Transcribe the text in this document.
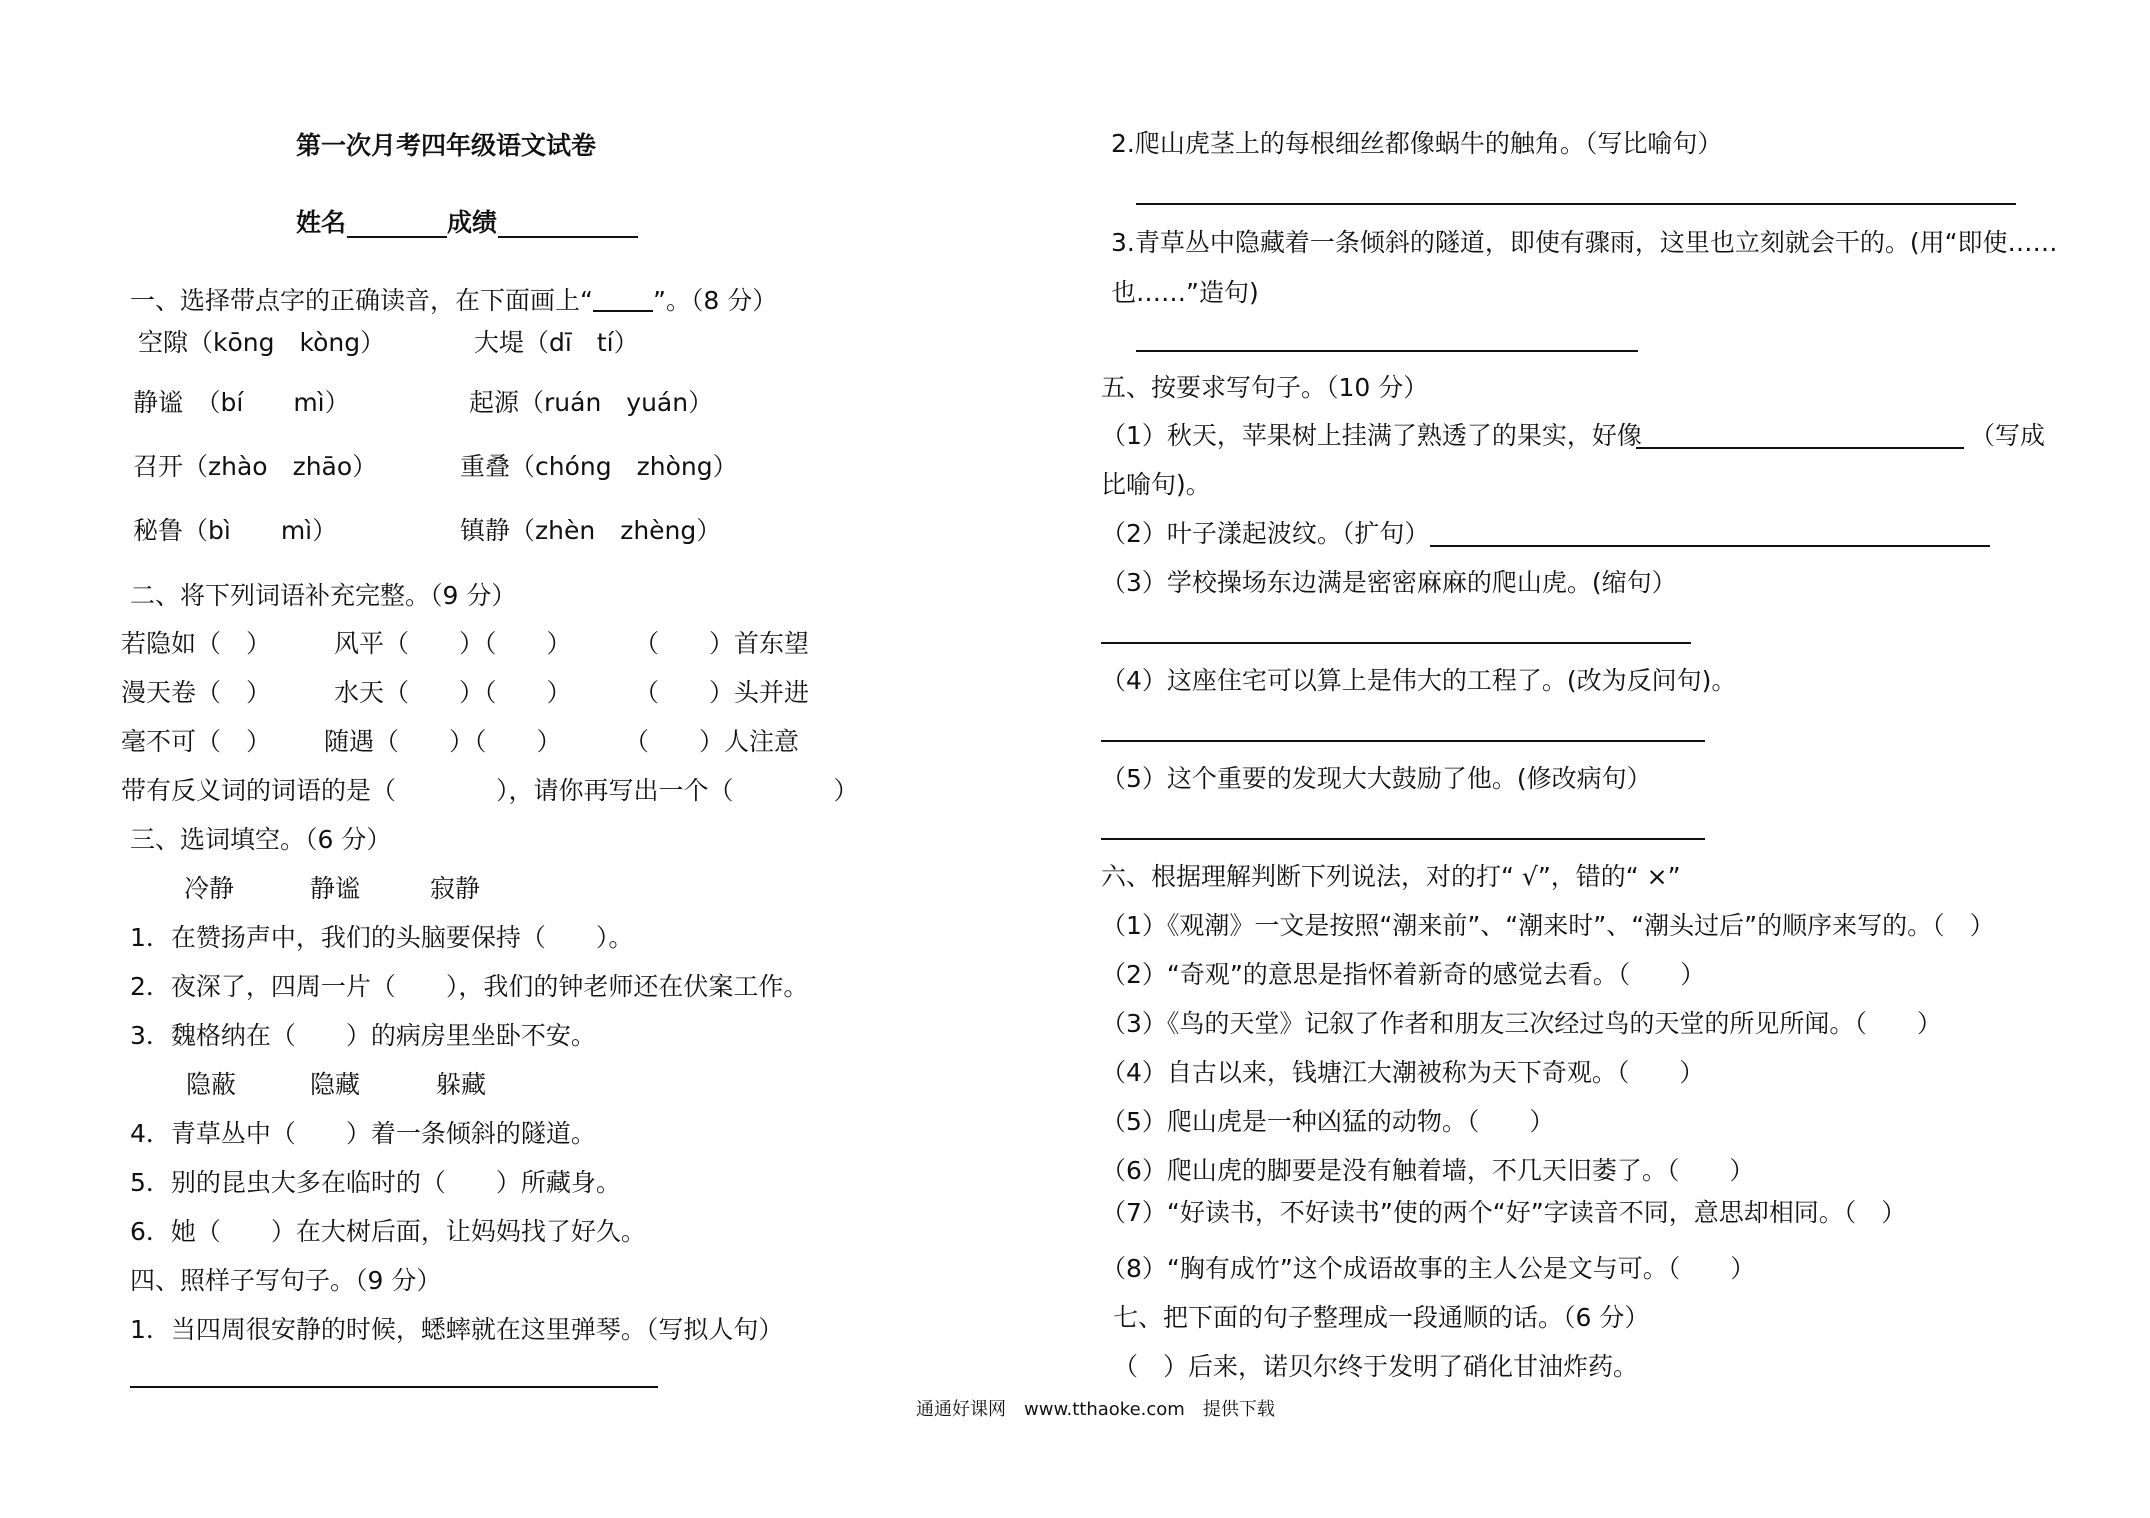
第一次月考四年级语文试卷
姓名	成绩
一、选择带点字的正确读音，在下面画上“ ”。（8 分）
空隙（kōng　kòng）	大堤（dī　tí）
静谧　（bí　　mì）	起源（ruán　yuán）
召开（zhào　zhāo）	重叠（chóng　zhòng）
秘鲁（bì　　mì）	镇静（zhèn　zhèng）
二、将下列词语补充完整。（9 分）
若隐如（　）	风平（　　）（　　） （　　）首东望
漫天卷（　）	水天（　　）（　　） （　　）头并进
毫不可（　） 随遇（　　）（　　） （　　）人注意
带有反义词的词语的是（　　　　），请你再写出一个（　　　　）
三、选词填空。（6 分）
冷静	静谧	寂静
1．在赞扬声中，我们的头脑要保持（　　）。
2．夜深了，四周一片（　　），我们的钟老师还在伏案工作。
3．魏格纳在（　　）的病房里坐卧不安。
隐蔽	隐藏	躲藏
4．青草丛中（　　）着一条倾斜的隧道。
5．别的昆虫大多在临时的（　　）所藏身。
6．她（　　）在大树后面，让妈妈找了好久。
四、照样子写句子。（9 分）
1．当四周很安静的时候，蟋蟀就在这里弹琴。（写拟人句）
2.爬山虎茎上的每根细丝都像蜗牛的触角。（写比喻句）
3.青草丛中隐藏着一条倾斜的隧道，即使有骤雨，这里也立刻就会干的。(用“即使……
也……”造句)
五、按要求写句子。（10 分）
（1）秋天，苹果树上挂满了熟透了的果实，好像	（写成
比喻句)。
（2）叶子漾起波纹。（扩句）
（3）学校操场东边满是密密麻麻的爬山虎。(缩句）
（4）这座住宅可以算上是伟大的工程了。(改为反问句)。
（5）这个重要的发现大大鼓励了他。(修改病句）
六、根据理解判断下列说法，对的打“ √”，错的“ ×”
（1）《观潮》一文是按照“潮来前”、“潮来时”、“潮头过后”的顺序来写的。（　）
（2）“奇观”的意思是指怀着新奇的感觉去看。（　　）
（3）《鸟的天堂》记叙了作者和朋友三次经过鸟的天堂的所见所闻。（　　）
（4）自古以来，钱塘江大潮被称为天下奇观。（　　）
（5）爬山虎是一种凶猛的动物。（　　）
（6）爬山虎的脚要是没有触着墙，不几天旧萎了。（　　）
（7）“好读书，不好读书”使的两个“好”字读音不同，意思却相同。（　）
（8）“胸有成竹”这个成语故事的主人公是文与可。（　　）
七、把下面的句子整理成一段通顺的话。（6 分）
（　）后来，诺贝尔终于发明了硝化甘油炸药。
通通好课网　www.tthaoke.com　提供下载
